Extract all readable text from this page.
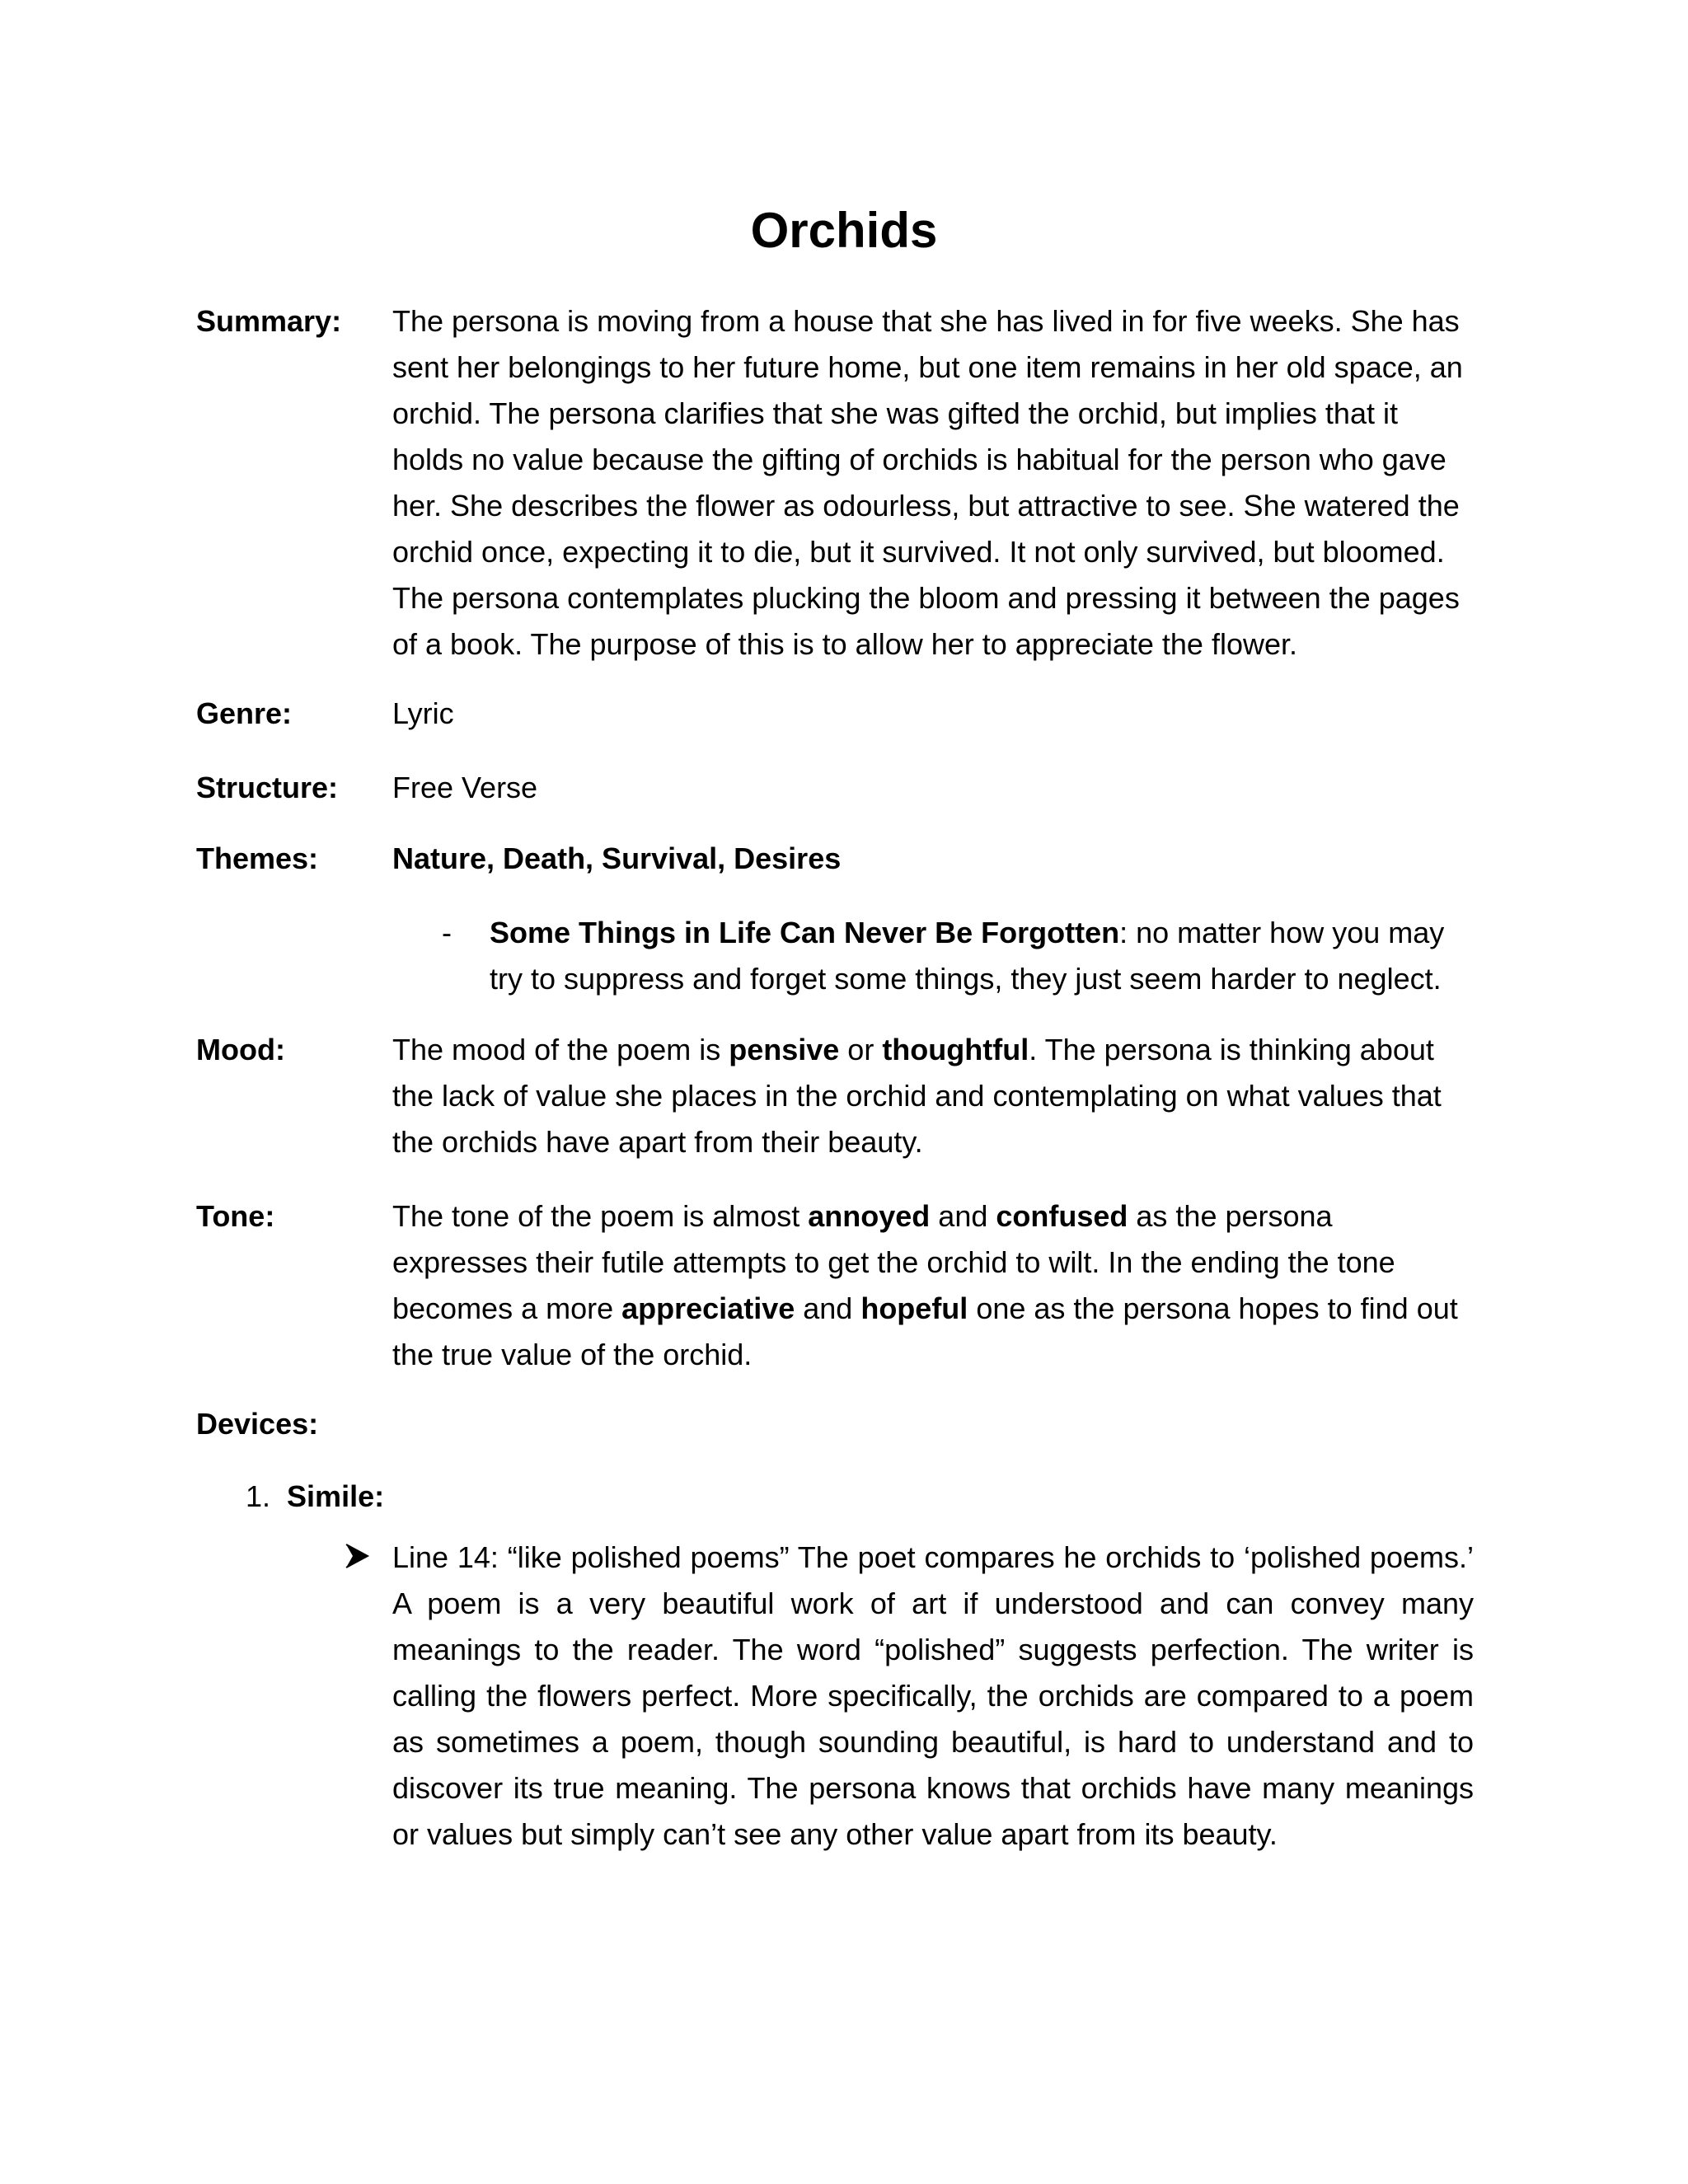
Orchids
Summary:	The persona is moving from a house that she has lived in for five weeks. She has sent her belongings to her future home, but one item remains in her old space, an orchid. The persona clarifies that she was gifted the orchid, but implies that it holds no value because the gifting of orchids is habitual for the person who gave her. She describes the flower as odourless, but attractive to see. She watered the orchid once, expecting it to die, but it survived. It not only survived, but bloomed. The persona contemplates plucking the bloom and pressing it between the pages of a book. The purpose of this is to allow her to appreciate the flower.
Genre:	Lyric
Structure:	Free Verse
Themes:	Nature, Death, Survival, Desires
-	Some Things in Life Can Never Be Forgotten: no matter how you may try to suppress and forget some things, they just seem harder to neglect.
Mood:	The mood of the poem is pensive or thoughtful. The persona is thinking about the lack of value she places in the orchid and contemplating on what values that the orchids have apart from their beauty.
Tone:	The tone of the poem is almost annoyed and confused as the persona expresses their futile attempts to get the orchid to wilt. In the ending the tone becomes a more appreciative and hopeful one as the persona hopes to find out the true value of the orchid.
Devices:
1. Simile:
Line 14: “like polished poems” The poet compares he orchids to ‘polished poems.’ A poem is a very beautiful work of art if understood and can convey many meanings to the reader. The word “polished” suggests perfection. The writer is calling the flowers perfect. More specifically, the orchids are compared to a poem as sometimes a poem, though sounding beautiful, is hard to understand and to discover its true meaning. The persona knows that orchids have many meanings or values but simply can’t see any other value apart from its beauty.
